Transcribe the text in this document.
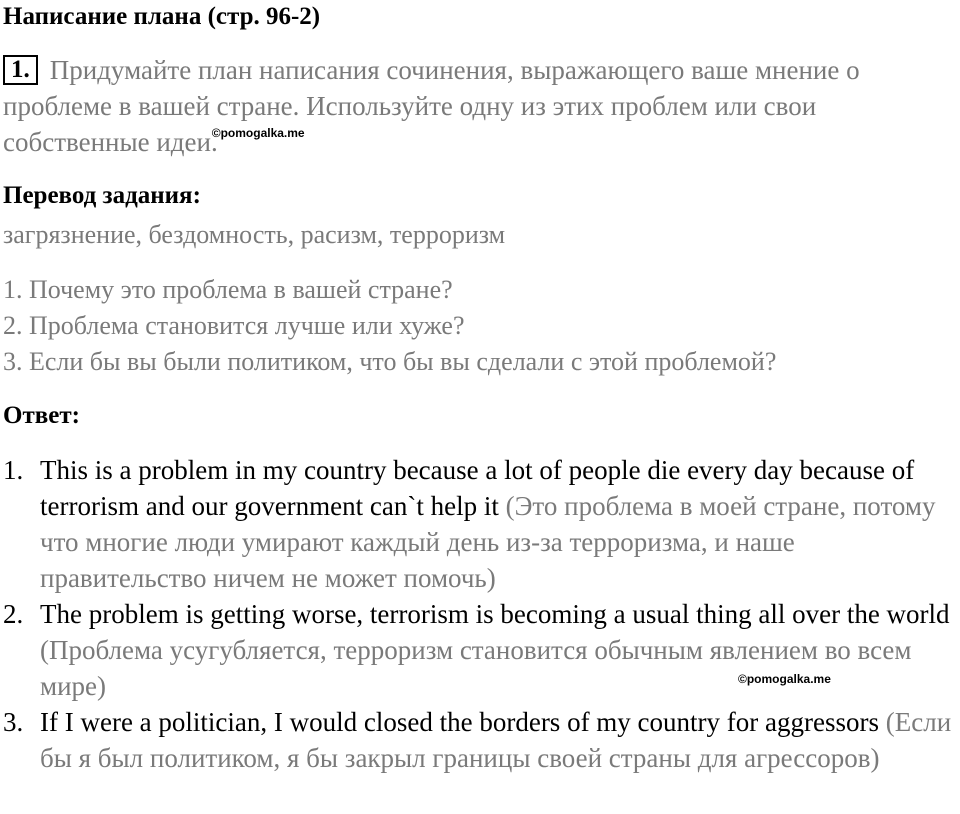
Написание плана (стр. 96-2)
1. Придумайте план написания сочинения, выражающего ваше мнение о проблеме в вашей стране. Используйте одну из этих проблем или свои собственные идеи.$^{©pomogalka.me}$
Перевод задания:
загрязнение, бездомность, расизм, терроризм
1. Почему это проблема в вашей стране?
2. Проблема становится лучше или хуже?
3. Если бы вы были политиком, что бы вы сделали с этой проблемой?
Ответ:
1. This is a problem in my country because a lot of people die every day because of terrorism and our government can`t help it (Это проблема в моей стране, потому что многие люди умирают каждый день из-за терроризма, и наше правительство ничем не может помочь)
2. The problem is getting worse, terrorism is becoming a usual thing all over the world (Проблема усугубляется, терроризм становится обычным явлением во всем мире)
3. If I were a politician, I would closed the borders of my country for aggressors (Если бы я был политиком, я бы закрыл границы своей страны для агрессоров)
©pomogalka.me
